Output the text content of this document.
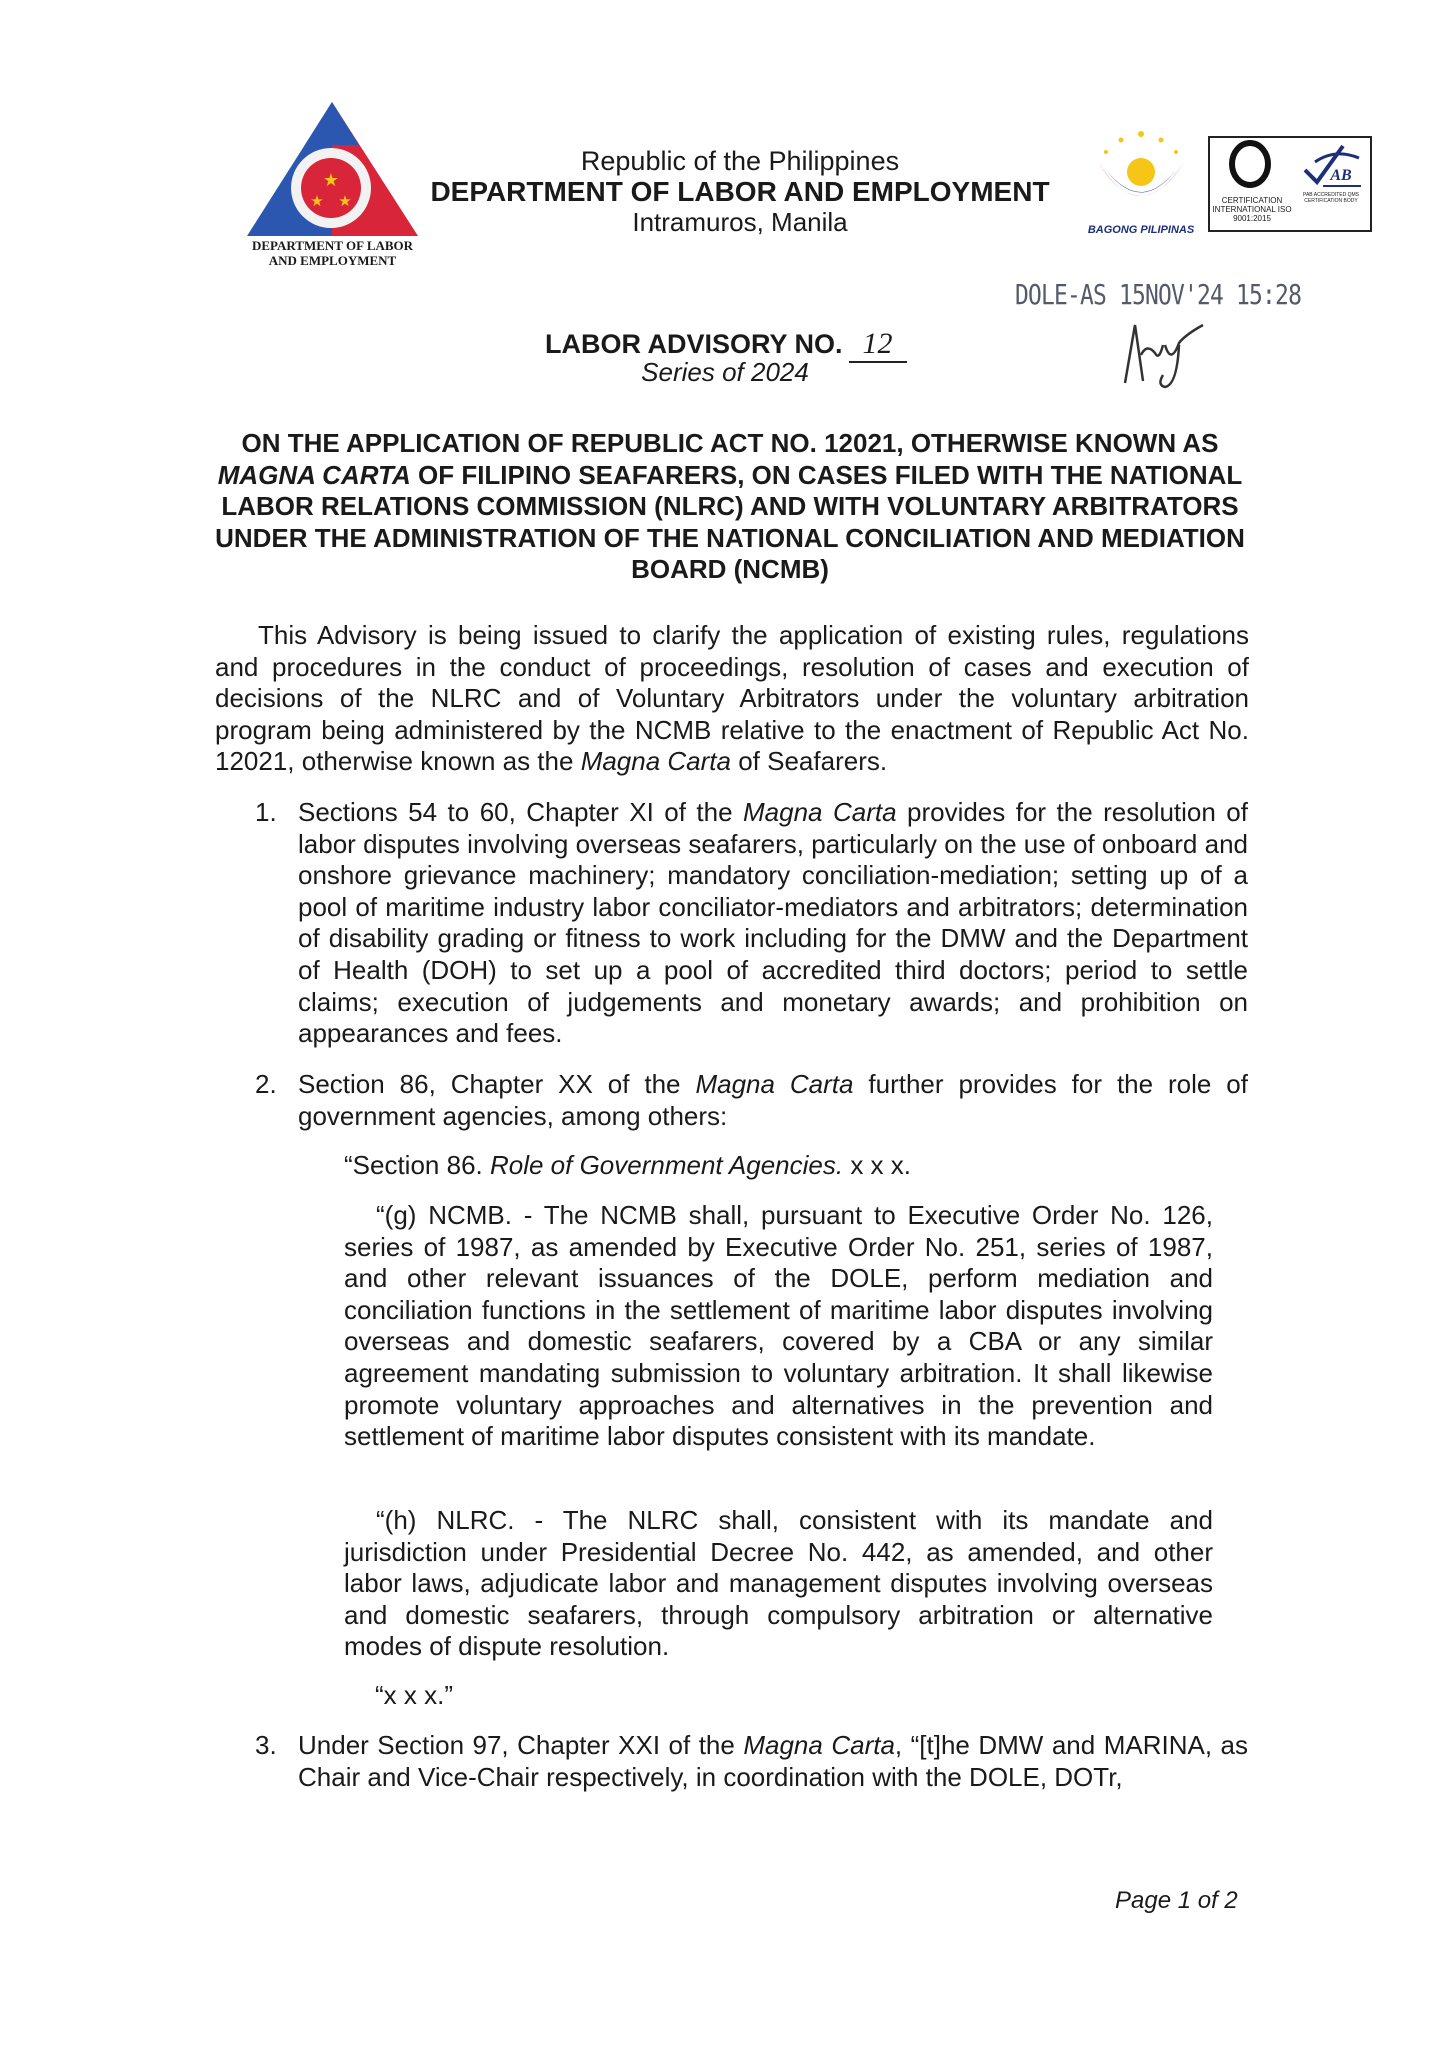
★
★ ★
DEPARTMENT OF LABOR AND EMPLOYMENT
Republic of the Philippines
DEPARTMENT OF LABOR AND EMPLOYMENT
Intramuros, Manila	BAGONG PILIPINAS
AB
CERTIFICATION INTERNATIONAL ISO 9001:2015
PAB ACCREDITED QMS CERTIFICATION BODY
DOLE-AS 15NOV'24 15:28
LABOR ADVISORY NO. 12
Series of 2024
ON THE APPLICATION OF REPUBLIC ACT NO. 12021, OTHERWISE KNOWN AS MAGNA CARTA OF FILIPINO SEAFARERS, ON CASES FILED WITH THE NATIONAL LABOR RELATIONS COMMISSION (NLRC) AND WITH VOLUNTARY ARBITRATORS UNDER THE ADMINISTRATION OF THE NATIONAL CONCILIATION AND MEDIATION BOARD (NCMB)
This Advisory is being issued to clarify the application of existing rules, regulations and procedures in the conduct of proceedings, resolution of cases and execution of decisions of the NLRC and of Voluntary Arbitrators under the voluntary arbitration program being administered by the NCMB relative to the enactment of Republic Act No. 12021, otherwise known as the Magna Carta of Seafarers.
1. Sections 54 to 60, Chapter XI of the Magna Carta provides for the resolution of labor disputes involving overseas seafarers, particularly on the use of onboard and onshore grievance machinery; mandatory conciliation-mediation; setting up of a pool of maritime industry labor conciliator-mediators and arbitrators; determination of disability grading or fitness to work including for the DMW and the Department of Health (DOH) to set up a pool of accredited third doctors; period to settle claims; execution of judgements and monetary awards; and prohibition on appearances and fees.
2. Section 86, Chapter XX of the Magna Carta further provides for the role of government agencies, among others:
“Section 86. Role of Government Agencies. x x x.
“(g) NCMB. - The NCMB shall, pursuant to Executive Order No. 126, series of 1987, as amended by Executive Order No. 251, series of 1987, and other relevant issuances of the DOLE, perform mediation and conciliation functions in the settlement of maritime labor disputes involving overseas and domestic seafarers, covered by a CBA or any similar agreement mandating submission to voluntary arbitration. It shall likewise promote voluntary approaches and alternatives in the prevention and settlement of maritime labor disputes consistent with its mandate.
“(h) NLRC. - The NLRC shall, consistent with its mandate and jurisdiction under Presidential Decree No. 442, as amended, and other labor laws, adjudicate labor and management disputes involving overseas and domestic seafarers, through compulsory arbitration or alternative modes of dispute resolution.
“x x x.”
3. Under Section 97, Chapter XXI of the Magna Carta, “[t]he DMW and MARINA, as Chair and Vice-Chair respectively, in coordination with the DOLE, DOTr,
Page 1 of 2
